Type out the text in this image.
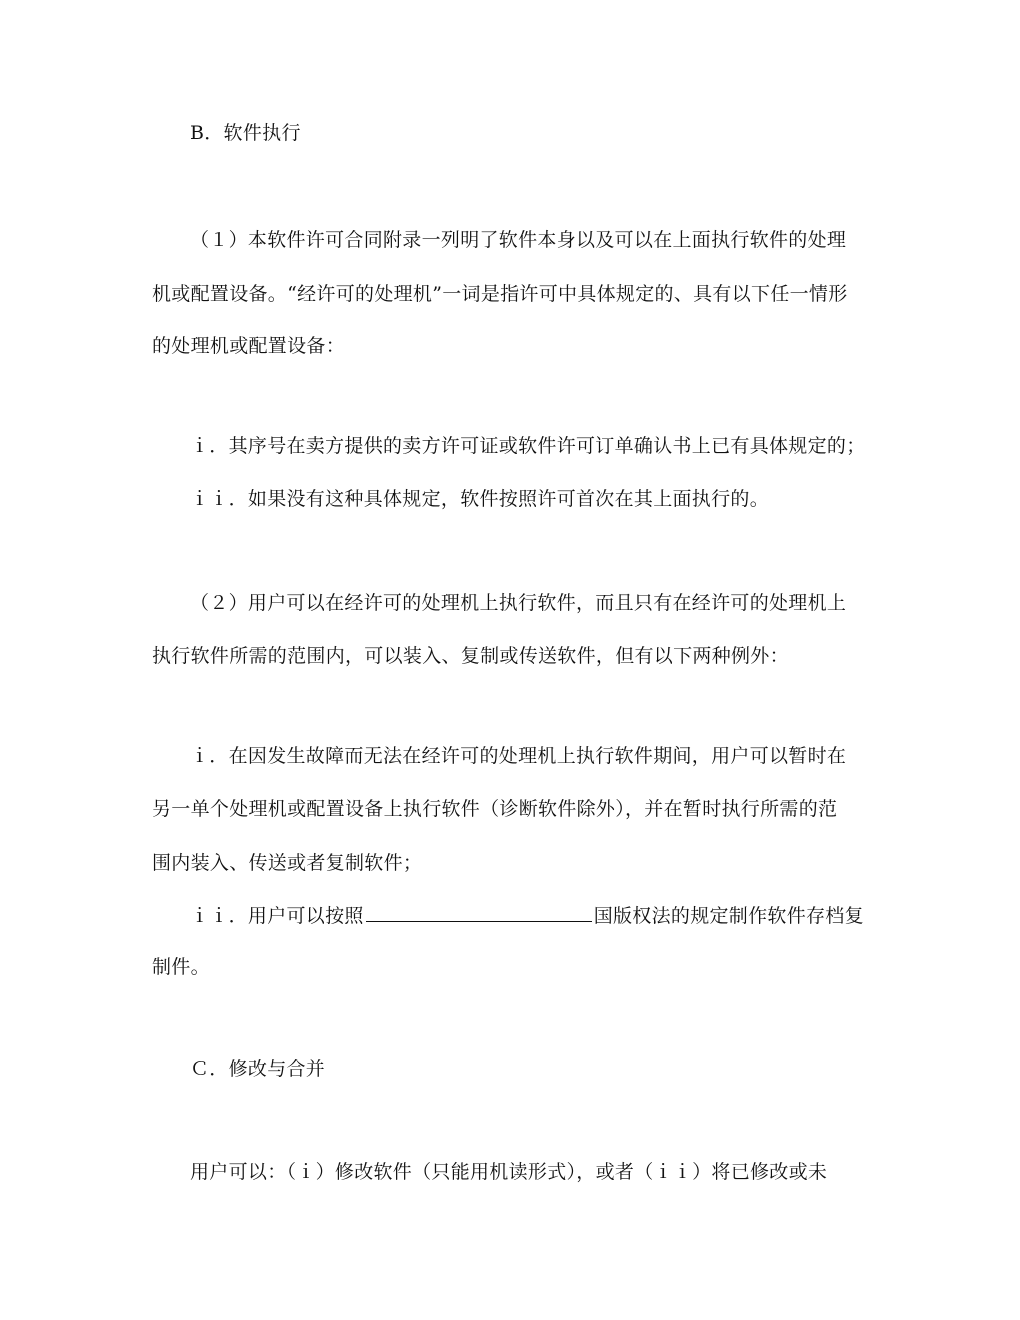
B．软件执行
（１）本软件许可合同附录一列明了软件本身以及可以在上面执行软件的处理
机或配置设备。“经许可的处理机”一词是指许可中具体规定的、具有以下任一情形
的处理机或配置设备：
ｉ．其序号在卖方提供的卖方许可证或软件许可订单确认书上已有具体规定的；
ｉｉ．如果没有这种具体规定，软件按照许可首次在其上面执行的。
（２）用户可以在经许可的处理机上执行软件，而且只有在经许可的处理机上
执行软件所需的范围内，可以装入、复制或传送软件，但有以下两种例外：
ｉ．在因发生故障而无法在经许可的处理机上执行软件期间，用户可以暂时在
另一单个处理机或配置设备上执行软件（诊断软件除外），并在暂时执行所需的范
围内装入、传送或者复制软件；
ｉｉ．用户可以按照	国版权法的规定制作软件存档复
制件。
Ｃ．修改与合并
用户可以：（ｉ）修改软件（只能用机读形式），或者（ｉｉ）将已修改或未
